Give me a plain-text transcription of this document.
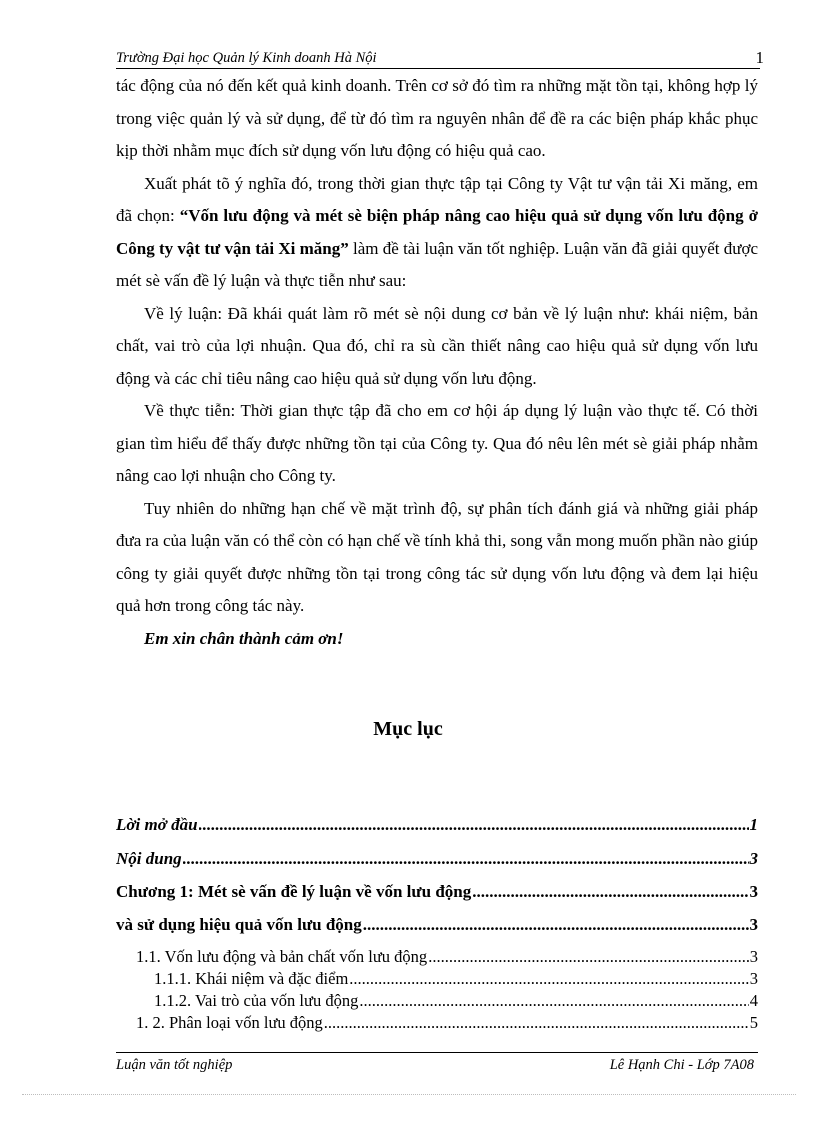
Trường Đại học Quản lý Kinh doanh Hà Nội	1

tác động của nó đến kết quả kinh doanh. Trên cơ sở đó tìm ra những mặt tồn tại, không hợp lý trong việc quản lý và sử dụng, để từ đó tìm ra nguyên nhân để đề ra các biện pháp khắc phục kịp thời nhằm mục đích sử dụng vốn lưu động có hiệu quả cao.

Xuất phát tõ ý nghĩa đó, trong thời gian thực tập tại Công ty Vật tư vận tải Xi măng, em đã chọn: “Vốn lưu động và mét sè biện pháp nâng cao hiệu quả sử dụng vốn lưu động ở Công ty vật tư vận tải Xi măng” làm đề tài luận văn tốt nghiệp. Luận văn đã giải quyết được mét sè vấn đề lý luận và thực tiễn như sau:

Về lý luận: Đã khái quát làm rõ mét sè nội dung cơ bản về lý luận như: khái niệm, bản chất, vai trò của lợi nhuận. Qua đó, chỉ ra sù cần thiết nâng cao hiệu quả sử dụng vốn lưu động và các chỉ tiêu nâng cao hiệu quả sử dụng vốn lưu động.

Về thực tiễn: Thời gian thực tập đã cho em cơ hội áp dụng lý luận vào thực tế. Có thời gian tìm hiểu để thấy được những tồn tại của Công ty. Qua đó nêu lên mét sè giải pháp nhằm nâng cao lợi nhuận cho Công ty.

Tuy nhiên do những hạn chế về mặt trình độ, sự phân tích đánh giá và những giải pháp đưa ra của luận văn có thể còn có hạn chế về tính khả thi, song vẫn mong muốn phần nào giúp công ty giải quyết được những tồn tại trong công tác sử dụng vốn lưu động và đem lại hiệu quả hơn trong công tác này.

Em xin chân thành cảm ơn!

Mục lục
Lời mở đầu .....	1
Nội dung .....	3
Chương 1: Mét sè vấn đề lý luận về vốn lưu động .....	3
và sử dụng hiệu quả vốn lưu động .....	3
1.1. Vốn lưu động và bản chất vốn lưu động .....	3
1.1.1. Khái niệm và đặc điểm .....	3
1.1.2. Vai trò của vốn lưu động .....	4
1. 2. Phân loại vốn lưu động .....	5
Luận văn tốt nghiệp	Lê Hạnh Chi - Lớp 7A08
